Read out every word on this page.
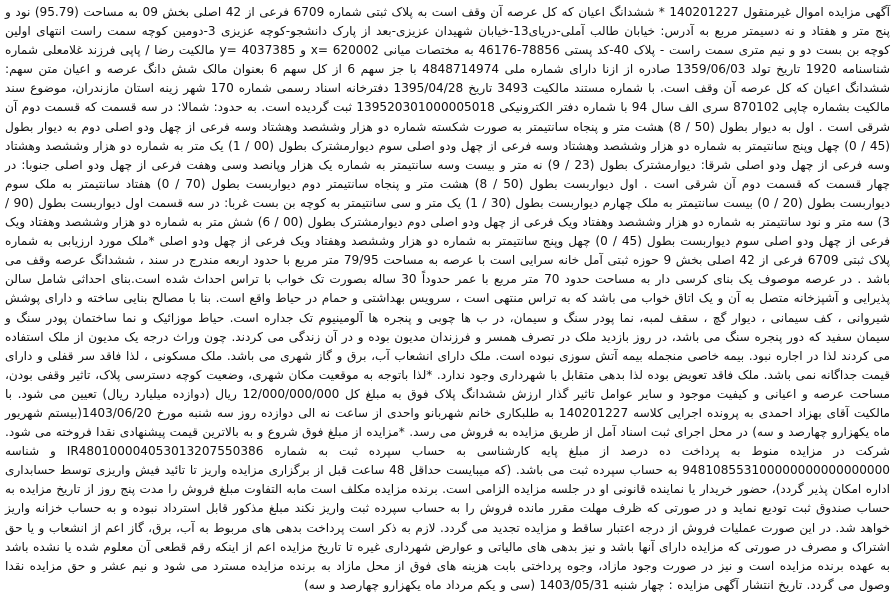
آگهی مزایده اموال غیرمنقول 140201227 * ششدانگ اعیان که کل عرصه آن وقف است به پلاک ثبتی شماره 6709 فرعی از 42 اصلی بخش 09 به مساحت (95.79) نود و پنج متر و هفتاد و نه دسیمتر مربع به آدرس: خیابان طالب آملی-دریای13-خیابان شهیدان عزیزی-بعد از پارک دانشجو-کوچه عزیزی 3-دومین کوچه سمت راست انتهای اولین کوچه بن بست دو و نیم متری سمت راست - پلاک 40-کد پستی 78856-46176 به مختصات میانی x= 620002 و y= 4037385 مالکیت رضا / پاپی فرزند غلامعلی شماره شناسنامه 1920 تاریخ تولد 1359/06/03 صادره از ازنا دارای شماره ملی 4848714974 با جز سهم 6 از کل سهم 6 بعنوان مالک شش دانگ عرصه و اعیان متن سهم: ششدانگ اعیان که کل عرصه آن وقف است. با شماره مستند مالکیت 3493 تاریخ 1395/04/28 دفترخانه اسناد رسمی شماره 170 شهر زینه استان مازندران، موضوع سند مالکیت بشماره چاپی 870102 سری الف سال 94 با شماره دفتر الکترونیکی 139520301000005018 ثبت گردیده است. به حدود: شمالا: در سه قسمت که قسمت دوم آن شرقی است . اول به دیوار بطول (50 / 8) هشت متر و پنجاه سانتیمتر به صورت شکسته شماره دو هزار وششصد وهشتاد وسه فرعی از چهل ودو اصلی دوم به دیوار بطول (45 / 0) چهل وپنج سانتیمتر به شماره دو هزار وششصد وهشتاد وسه فرعی از چهل ودو اصلی سوم دیوارمشترک بطول (00 / 1) یک متر به شماره دو هزار وششصد وهشتاد وسه فرعی از چهل ودو اصلی شرقا: دیوارمشترک بطول (23 / 9) نه متر و بیست وسه سانتیمتر به شماره یک هزار وپانصد وسی وهفت فرعی از چهل ودو اصلی جنوبا: در چهار قسمت که قسمت دوم آن شرقی است . اول دیواربست بطول (50 / 8) هشت متر و پنجاه سانتیمتر دوم دیواربست بطول (70 / 0) هفتاد سانتیمتر به ملک سوم دیواربست بطول (20 / 0) بیست سانتیمتر به ملک چهارم دیواربست بطول (30 / 1) یک متر و سی سانتیمتر به کوچه بن بست غربا: در سه قسمت اول دیواربست بطول (90 / 3) سه متر و نود سانتیمتر به شماره دو هزار وششصد وهفتاد ویک فرعی از چهل ودو اصلی دوم دیوارمشترک بطول (00 / 6) شش متر به شماره دو هزار وششصد وهفتاد ویک فرعی از چهل ودو اصلی سوم دیواربست بطول (45 / 0) چهل وپنج سانتیمتر به شماره دو هزار وششصد وهفتاد ویک فرعی از چهل ودو اصلی *ملک مورد ارزیابی به شماره پلاک ثبتی 6709 فرعی از 42 اصلی بخش 9 حوزه ثبتی آمل خانه سرایی است با عرصه به مساحت 79/95 متر مربع با حدود اربعه مندرج در سند ، ششدانگ عرصه وقف می باشد . در عرصه موصوف یک بنای کرسی دار به مساحت حدود 70 متر مربع با عمر حدوداً 30 ساله بصورت تک خواب با تراس احداث شده است.بنای احداثی شامل سالن پذیرایی و آشپزخانه متصل به آن و یک اتاق خواب می باشد که به تراس منتهی است ، سرویس بهداشتی و حمام در حیاط واقع است. بنا با مصالح بنایی ساخته و دارای پوشش شیروانی ، کف سیمانی ، دیوار گچ ، سقف لمبه، نما پودر سنگ و سیمان، در ب ها چوبی و پنجره ها آلومینیوم تک جداره است. حیاط موزائیک و نما ساختمان پودر سنگ و سیمان سفید که دور پنجره سنگ می باشد، در روز بازدید ملک در تصرف همسر و فرزندان مدیون بوده و در آن زندگی می کردند. چون وراث درجه یک مدیون از ملک استفاده می کردند لذا در اجاره نبود. بیمه خاصی منجمله بیمه آتش سوزی نبوده است. ملک دارای انشعاب آب، برق و گاز شهری می باشد. ملک مسکونی ، لذا فاقد سر قفلی و دارای قیمت جداگانه نمی باشد. ملک فاقد تعویض بوده لذا بدهی متقابل با شهرداری وجود ندارد. *لذا باتوجه به موقعیت مکان شهری، وضعیت کوچه دسترسی پلاک، تاثیر وقفی بودن، مساحت عرصه و اعیانی و کیفیت موجود و سایر عوامل تاثیر گذار ارزش ششدانگ پلاک فوق به مبلغ کل 12/000/000/000 ریال (دوازده میلیارد ریال) تعیین می شود. با مالکیت آقای بهزاد احمدی به پرونده اجرایی کلاسه 140201227 به طلبکاری خانم شهربانو واحدی از ساعت نه الی دوازده روز سه شنبه مورخ 1403/06/20(بیستم شهریور ماه یکهزارو چهارصد و سه) در محل اجرای ثبت اسناد آمل از طریق مزایده به فروش می رسد. *مزایده از مبلغ فوق شروع و به بالاترین قیمت پیشنهادی نقدا فروخته می شود. شرکت در مزایده منوط به پرداخت ده درصد از مبلغ پایه کارشناسی به حساب سپرده ثبت به شماره IR480100004053013207550386 و شناسه 948108553100000000000000000 به حساب سپرده ثبت می باشد. (که میبایست حداقل 48 ساعت قبل از برگزاری مزایده واریز تا تائید فیش واریزی توسط حسابداری اداره امکان پذیر گردد)، حضور خریدار یا نماینده قانونی او در جلسه مزایده الزامی است. برنده مزایده مکلف است مابه التفاوت مبلغ فروش را مدت پنج روز از تاریخ مزایده به حساب صندوق ثبت تودیع نماید و در صورتی که ظرف مهلت مقرر مانده فروش را به حساب سپرده ثبت واریز نکند مبلغ مذکور قابل استرداد نبوده و به حساب خزانه واریز خواهد شد. در این صورت عملیات فروش از درجه اعتبار ساقط و مزایده تجدید می گردد. لازم به ذکر است پرداخت بدهی های مربوط به آب، برق، گاز اعم از انشعاب و یا حق اشتراک و مصرف در صورتی که مزایده دارای آنها باشد و نیز بدهی های مالیاتی و عوارض شهرداری غیره تا تاریخ مزایده اعم از اینکه رقم قطعی آن معلوم شده یا نشده باشد به عهده برنده مزایده است و نیز در صورت وجود مازاد، وجوه پرداختی بابت هزینه های فوق از محل مازاد به برنده مزایده مسترد می شود و نیم عشر و حق مزایده نقدا وصول می گردد. تاریخ انتشار آگهی مزایده : چهار شنبه 1403/05/31 (سی و یکم مرداد ماه یکهزارو چهارصد و سه)
